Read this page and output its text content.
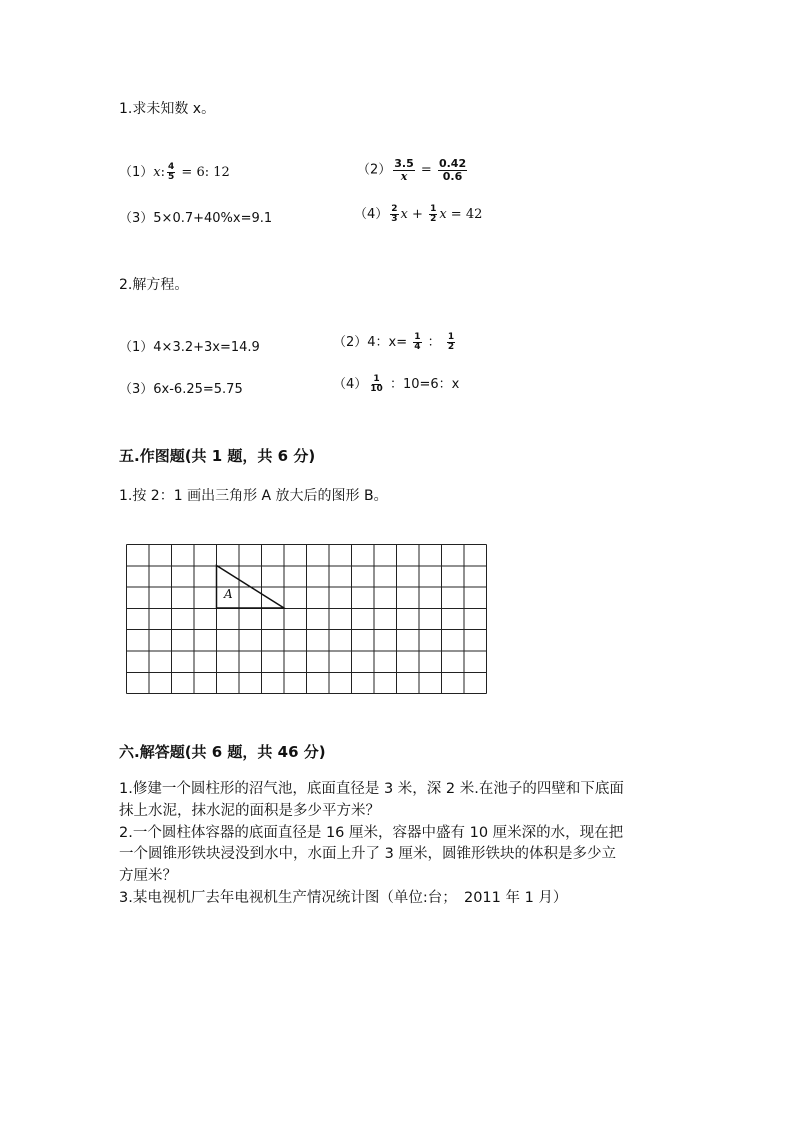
1.求未知数 x。
（1）x: $\frac{4}{5} = 6$: 12	$(2) \frac{3.5}{x} = \frac{0.42}{0.6}$
（3）5×0.7+40%x=9.1	$(4) \frac{2}{3}$ $x + \frac{1}{2}$ x = 42
2.解方程。
（1）4×3.2+3x=14.9	（2）4：$x= \frac{1}{4}$ ： $\frac{1}{2}$
（3）6x-6.25=5.75	$(4) \frac{1}{10}$ ：10=6：x
五.作图题(共 1 题，共 6 分)
1.按 2：1 画出三角形 A 放大后的图形 B。
A
六.解答题(共 6 题，共 46 分)
1.修建一个圆柱形的沼气池，底面直径是 3 米，深 2 米.在池子的四壁和下底面
抹上水泥，抹水泥的面积是多少平方米？
2.一个圆柱体容器的底面直径是 16 厘米，容器中盛有 10 厘米深的水，现在把
一个圆锥形铁块浸没到水中，水面上升了 3 厘米，圆锥形铁块的体积是多少立
方厘米？
3.某电视机厂去年电视机生产情况统计图（单位:台；　2011 年 1 月）
